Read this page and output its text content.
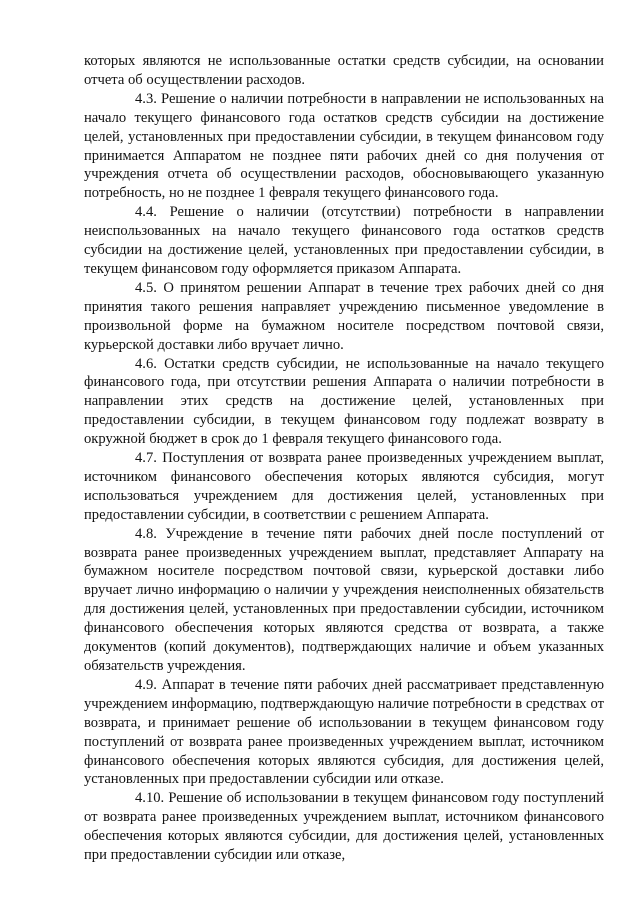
которых являются не использованные остатки средств субсидии, на основании отчета об осуществлении расходов.

4.3. Решение о наличии потребности в направлении не использованных на начало текущего финансового года остатков средств субсидии на достижение целей, установленных при предоставлении субсидии, в текущем финансовом году принимается Аппаратом не позднее пяти рабочих дней со дня получения от учреждения отчета об осуществлении расходов, обосновывающего указанную потребность, но не позднее 1 февраля текущего финансового года.

4.4. Решение о наличии (отсутствии) потребности в направлении неиспользованных на начало текущего финансового года остатков средств субсидии на достижение целей, установленных при предоставлении субсидии, в текущем финансовом году оформляется приказом Аппарата.

4.5. О принятом решении Аппарат в течение трех рабочих дней со дня принятия такого решения направляет учреждению письменное уведомление в произвольной форме на бумажном носителе посредством почтовой связи, курьерской доставки либо вручает лично.

4.6. Остатки средств субсидии, не использованные на начало текущего финансового года, при отсутствии решения Аппарата о наличии потребности в направлении этих средств на достижение целей, установленных при предоставлении субсидии, в текущем финансовом году подлежат возврату в окружной бюджет в срок до 1 февраля текущего финансового года.

4.7. Поступления от возврата ранее произведенных учреждением выплат, источником финансового обеспечения которых являются субсидия, могут использоваться учреждением для достижения целей, установленных при предоставлении субсидии, в соответствии с решением Аппарата.

4.8. Учреждение в течение пяти рабочих дней после поступлений от возврата ранее произведенных учреждением выплат, представляет Аппарату на бумажном носителе посредством почтовой связи, курьерской доставки либо вручает лично информацию о наличии у учреждения неисполненных обязательств для достижения целей, установленных при предоставлении субсидии, источником финансового обеспечения которых являются средства от возврата, а также документов (копий документов), подтверждающих наличие и объем указанных обязательств учреждения.

4.9. Аппарат в течение пяти рабочих дней рассматривает представленную учреждением информацию, подтверждающую наличие потребности в средствах от возврата, и принимает решение об использовании в текущем финансовом году поступлений от возврата ранее произведенных учреждением выплат, источником финансового обеспечения которых являются субсидия, для достижения целей, установленных при предоставлении субсидии или отказе.

4.10. Решение об использовании в текущем финансовом году поступлений от возврата ранее произведенных учреждением выплат, источником финансового обеспечения которых являются субсидии, для достижения целей, установленных при предоставлении субсидии или отказе,
